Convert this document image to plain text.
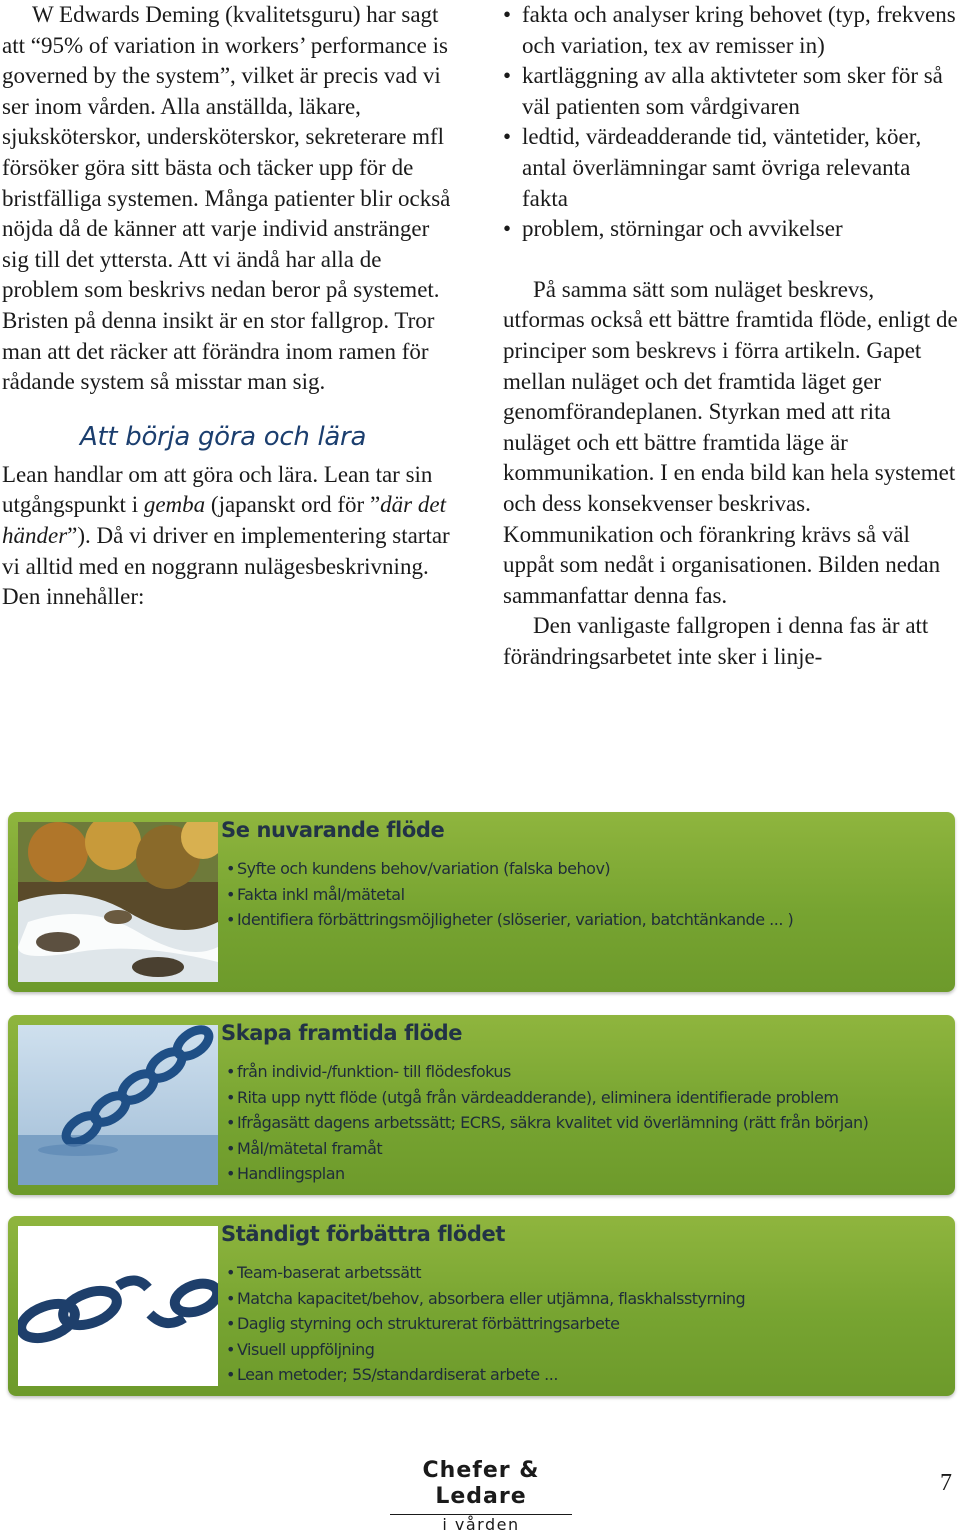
W Edwards Deming (kvalitetsguru) har sagt att “95% of variation in workers’ performance is governed by the system”, vilket är precis vad vi ser inom vården. Alla anställda, läkare, sjuksköterskor, undersköterskor, sekreterare mfl försöker göra sitt bästa och täcker upp för de bristfälliga systemen. Många patienter blir också nöjda då de känner att varje individ anstränger sig till det yttersta. Att vi ändå har alla de problem som beskrivs nedan beror på systemet. Bristen på denna insikt är en stor fallgrop. Tror man att det räcker att förändra inom ramen för rådande system så misstar man sig.

Att börja göra och lära

Lean handlar om att göra och lära. Lean tar sin utgångspunkt i gemba (japanskt ord för ”där det händer”). Då vi driver en implementering startar vi alltid med en noggrann nulägesbeskrivning. Den innehåller:

• fakta och analyser kring behovet (typ, frekvens och variation, tex av remisser in)
• kartläggning av alla aktivteter som sker för så väl patienten som vårdgivaren
• ledtid, värdeadderande tid, väntetider, köer, antal överlämningar samt övriga relevanta fakta
• problem, störningar och avvikelser

På samma sätt som nuläget beskrevs, utformas också ett bättre framtida flöde, enligt de principer som beskrevs i förra artikeln. Gapet mellan nuläget och det framtida läget ger genomförandeplanen. Styrkan med att rita nuläget och ett bättre framtida läge är kommunikation. I en enda bild kan hela systemet och dess konsekvenser beskrivas. Kommunikation och förankring krävs så väl uppåt som nedåt i organisationen. Bilden nedan sammanfattar denna fas.

Den vanligaste fallgropen i denna fas är att förändringsarbetet inte sker i linje-

Se nuvarande flöde
• Syfte och kundens behov/variation (falska behov)
• Fakta inkl mål/mätetal
• Identifiera förbättringsmöjligheter (slöserier, variation, batchtänkande ... )
Skapa framtida flöde
• från individ-/funktion- till flödesfokus
• Rita upp nytt flöde (utgå från värdeadderande), eliminera identifierade problem
• Ifrågasätt dagens arbetssätt; ECRS, säkra kvalitet vid överlämning (rätt från början)
• Mål/mätetal framåt
• Handlingsplan
Ständigt förbättra flödet
• Team-baserat arbetssätt
• Matcha kapacitet/behov, absorbera eller utjämna, flaskhalsstyrning
• Daglig styrning och strukturerat förbättringsarbete
• Visuell uppföljning
• Lean metoder; 5S/standardiserat arbete ...
Chefer & Ledare
i vården
7
